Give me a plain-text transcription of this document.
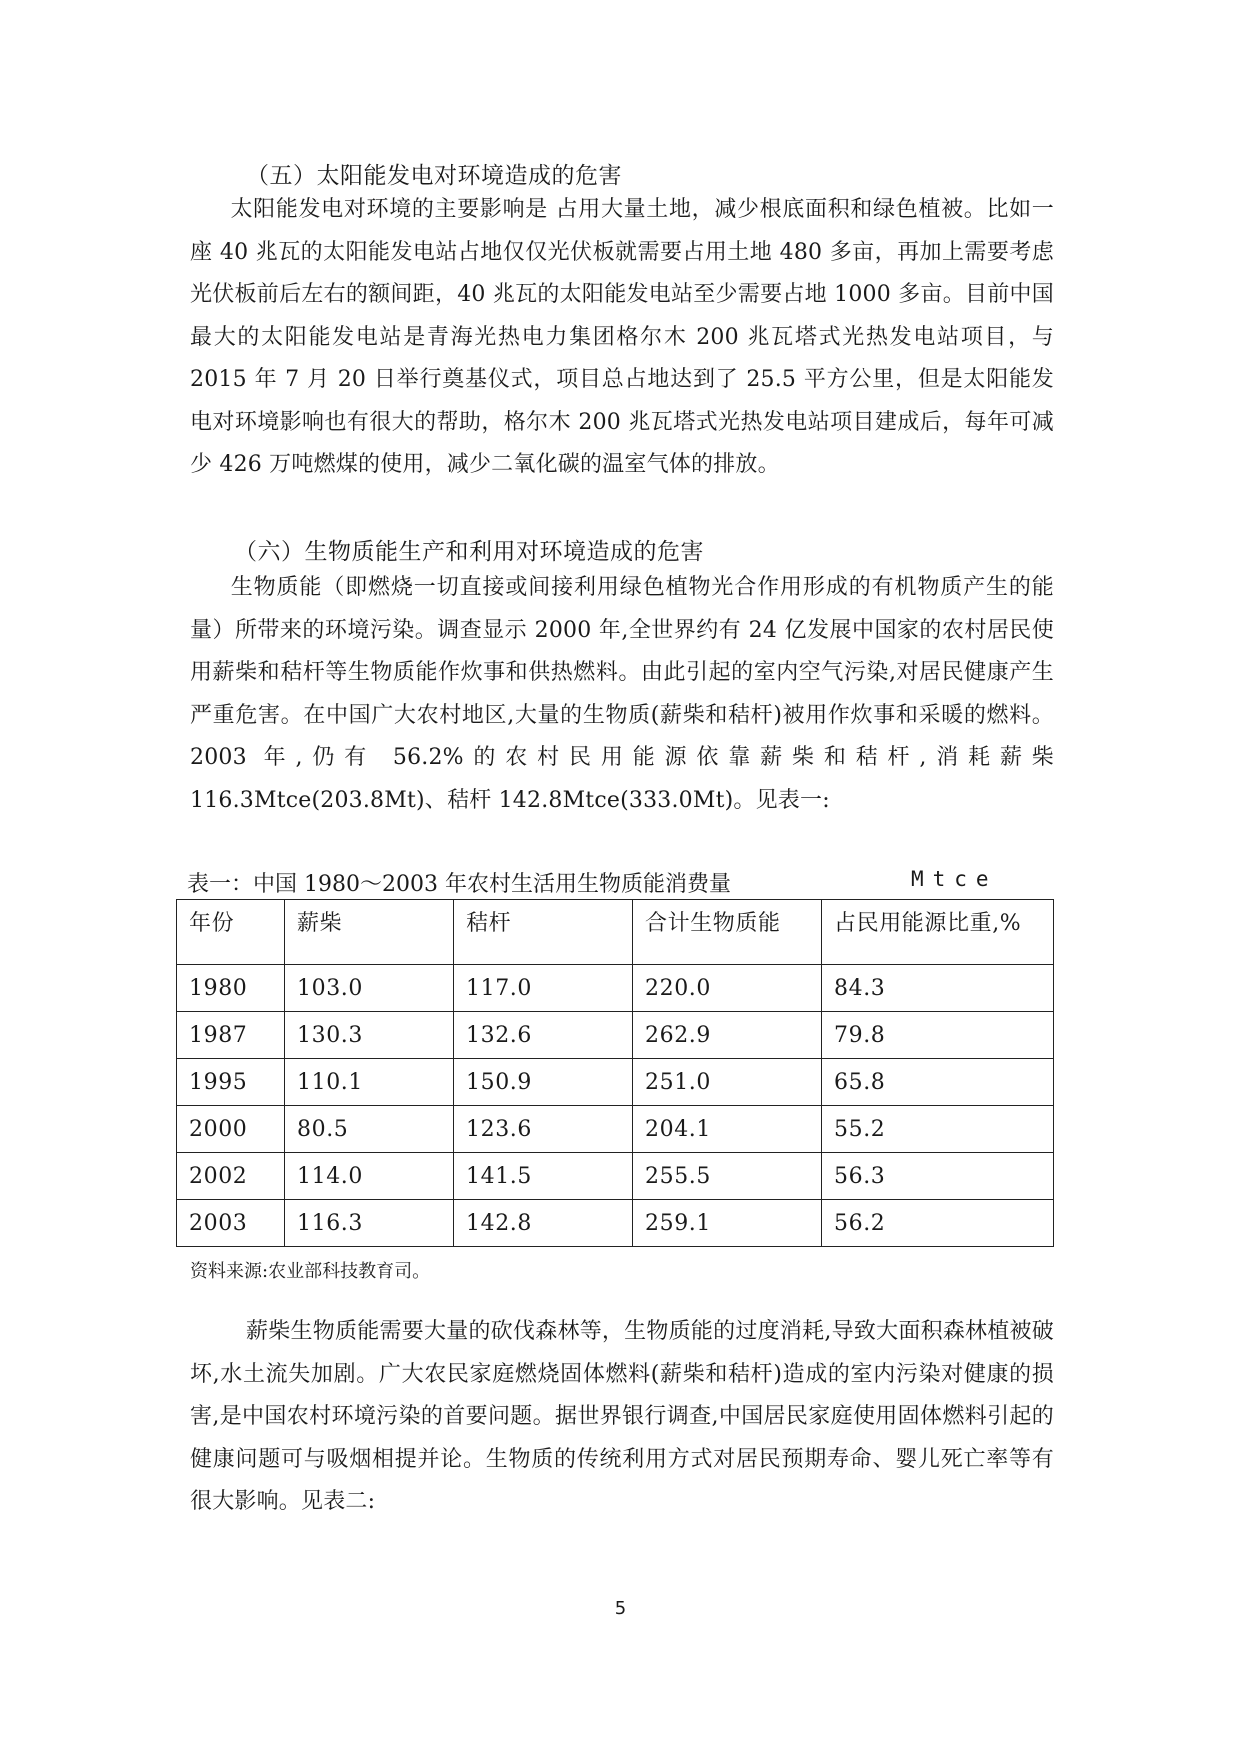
（五）太阳能发电对环境造成的危害

太阳能发电对环境的主要影响是 占用大量土地，减少根底面积和绿色植被。比如一座 40 兆瓦的太阳能发电站占地仅仅光伏板就需要占用土地 480 多亩，再加上需要考虑光伏板前后左右的额间距，40 兆瓦的太阳能发电站至少需要占地 1000 多亩。目前中国最大的太阳能发电站是青海光热电力集团格尔木 200 兆瓦塔式光热发电站项目，与 2015 年 7 月 20 日举行奠基仪式，项目总占地达到了 25.5 平方公里，但是太阳能发电对环境影响也有很大的帮助，格尔木 200 兆瓦塔式光热发电站项目建成后，每年可减少 426 万吨燃煤的使用，减少二氧化碳的温室气体的排放。

（六）生物质能生产和利用对环境造成的危害

生物质能（即燃烧一切直接或间接利用绿色植物光合作用形成的有机物质产生的能量）所带来的环境污染。调查显示 2000 年,全世界约有 24 亿发展中国家的农村居民使用薪柴和秸杆等生物质能作炊事和供热燃料。由此引起的室内空气污染,对居民健康产生严重危害。在中国广大农村地区,大量的生物质(薪柴和秸杆)被用作炊事和采暖的燃料。2003 年,仍有 56.2%的农村民用能源依靠薪柴和秸杆,消耗薪柴 116.3Mtce(203.8Mt)、秸杆 142.8Mtce(333.0Mt)。见表一:

表一：中国 1980～2003 年农村生活用生物质能消费量	Mtce
年份	薪柴	秸杆	合计生物质能	占民用能源比重,%
1980	103.0	117.0	220.0	84.3
1987	130.3	132.6	262.9	79.8
1995	110.1	150.9	251.0	65.8
2000	80.5	123.6	204.1	55.2
2002	114.0	141.5	255.5	56.3
2003	116.3	142.8	259.1	56.2
资料来源:农业部科技教育司。

薪柴生物质能需要大量的砍伐森林等，生物质能的过度消耗,导致大面积森林植被破坏,水土流失加剧。广大农民家庭燃烧固体燃料(薪柴和秸杆)造成的室内污染对健康的损害,是中国农村环境污染的首要问题。据世界银行调查,中国居民家庭使用固体燃料引起的健康问题可与吸烟相提并论。生物质的传统利用方式对居民预期寿命、婴儿死亡率等有很大影响。见表二:

5
